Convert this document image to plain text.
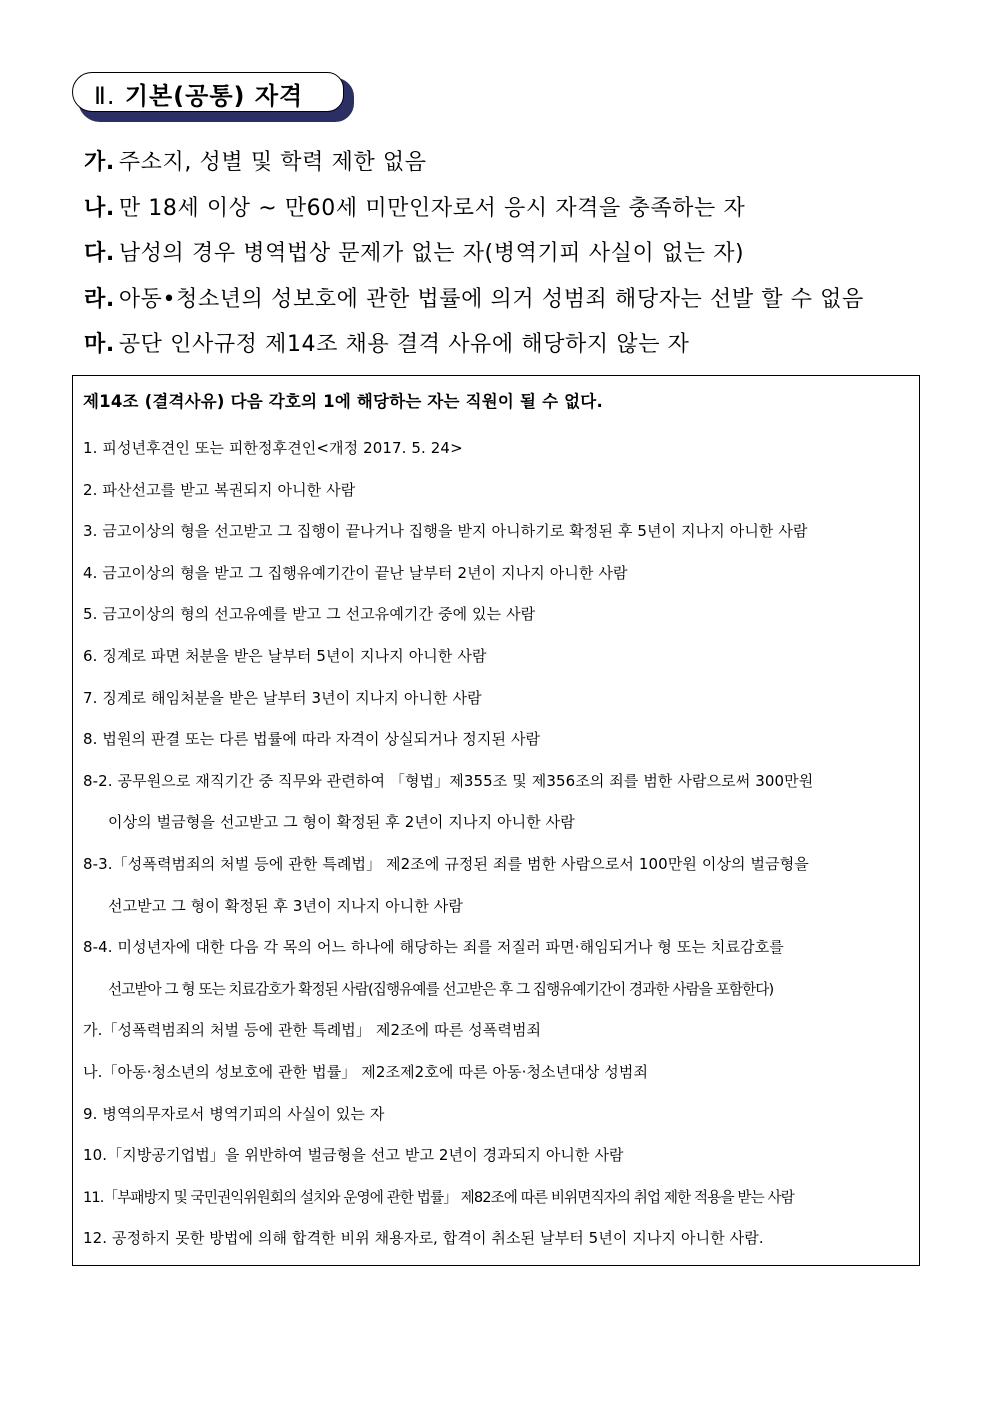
Ⅱ. 기본(공통) 자격
가. 주소지, 성별 및 학력 제한 없음
나. 만 18세 이상 ~ 만60세 미만인자로서 응시 자격을 충족하는 자
다. 남성의 경우 병역법상 문제가 없는 자(병역기피 사실이 없는 자)
라. 아동•청소년의 성보호에 관한 법률에 의거 성범죄 해당자는 선발 할 수 없음
마. 공단 인사규정 제14조 채용 결격 사유에 해당하지 않는 자
제14조 (결격사유) 다음 각호의 1에 해당하는 자는 직원이 될 수 없다.
1. 피성년후견인 또는 피한정후견인<개정 2017. 5. 24>
2. 파산선고를 받고 복권되지 아니한 사람
3. 금고이상의 형을 선고받고 그 집행이 끝나거나 집행을 받지 아니하기로 확정된 후 5년이 지나지 아니한 사람
4. 금고이상의 형을 받고 그 집행유예기간이 끝난 날부터 2년이 지나지 아니한 사람
5. 금고이상의 형의 선고유예를 받고 그 선고유예기간 중에 있는 사람
6. 징계로 파면 처분을 받은 날부터 5년이 지나지 아니한 사람
7. 징계로 해임처분을 받은 날부터 3년이 지나지 아니한 사람
8. 법원의 판결 또는 다른 법률에 따라 자격이 상실되거나 정지된 사람
8-2. 공무원으로 재직기간 중 직무와 관련하여 「형법」제355조 및 제356조의 죄를 범한 사람으로써 300만원
이상의 벌금형을 선고받고 그 형이 확정된 후 2년이 지나지 아니한 사람
8-3.「성폭력범죄의 처벌 등에 관한 특례법」 제2조에 규정된 죄를 범한 사람으로서 100만원 이상의 벌금형을
선고받고 그 형이 확정된 후 3년이 지나지 아니한 사람
8-4. 미성년자에 대한 다음 각 목의 어느 하나에 해당하는 죄를 저질러 파면·해임되거나 형 또는 치료감호를
선고받아 그 형 또는 치료감호가 확정된 사람(집행유예를 선고받은 후 그 집행유예기간이 경과한 사람을 포함한다)
가.「성폭력범죄의 처벌 등에 관한 특례법」 제2조에 따른 성폭력범죄
나.「아동·청소년의 성보호에 관한 법률」 제2조제2호에 따른 아동·청소년대상 성범죄
9. 병역의무자로서 병역기피의 사실이 있는 자
10.「지방공기업법」을 위반하여 벌금형을 선고 받고 2년이 경과되지 아니한 사람
11.「부패방지 및 국민권익위원회의 설치와 운영에 관한 법률」 제82조에 따른 비위면직자의 취업 제한 적용을 받는 사람
12. 공정하지 못한 방법에 의해 합격한 비위 채용자로, 합격이 취소된 날부터 5년이 지나지 아니한 사람.
